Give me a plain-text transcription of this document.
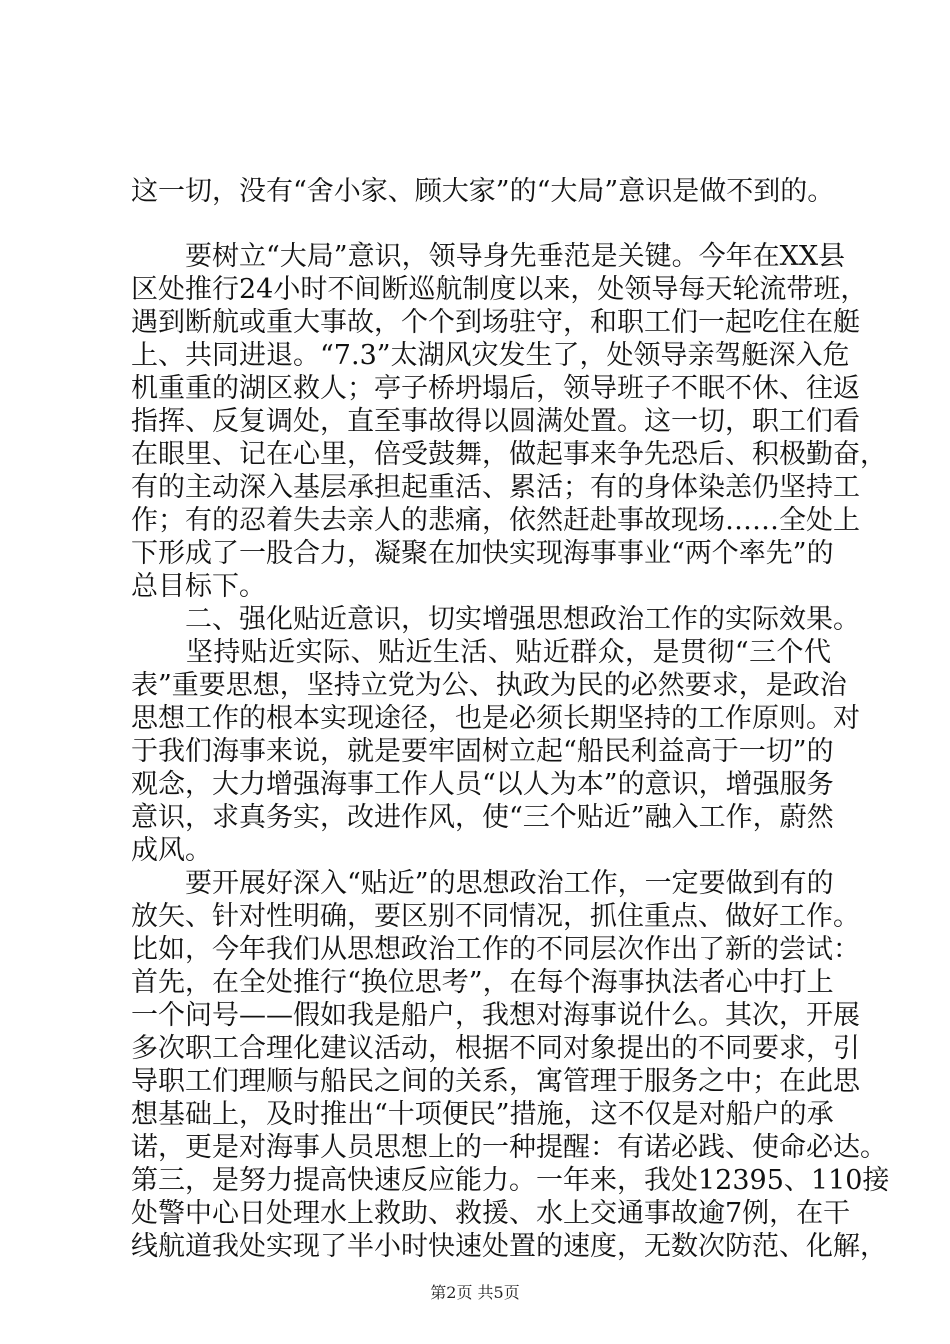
这一切，没有“舍小家、顾大家”的“大局”意识是做不到的。
　　要树立“大局”意识，领导身先垂范是关键。今年在XX县
区处推行24小时不间断巡航制度以来，处领导每天轮流带班，
遇到断航或重大事故，个个到场驻守，和职工们一起吃住在艇
上、共同进退。“7.3”太湖风灾发生了，处领导亲驾艇深入危
机重重的湖区救人；亭子桥坍塌后，领导班子不眠不休、往返
指挥、反复调处，直至事故得以圆满处置。这一切，职工们看
在眼里、记在心里，倍受鼓舞，做起事来争先恐后、积极勤奋，
有的主动深入基层承担起重活、累活；有的身体染恙仍坚持工
作；有的忍着失去亲人的悲痛，依然赶赴事故现场……全处上
下形成了一股合力，凝聚在加快实现海事事业“两个率先”的
总目标下。
　　二、强化贴近意识，切实增强思想政治工作的实际效果。
　　坚持贴近实际、贴近生活、贴近群众，是贯彻“三个代
表”重要思想，坚持立党为公、执政为民的必然要求，是政治
思想工作的根本实现途径，也是必须长期坚持的工作原则。对
于我们海事来说，就是要牢固树立起“船民利益高于一切”的
观念，大力增强海事工作人员“以人为本”的意识，增强服务
意识，求真务实，改进作风，使“三个贴近”融入工作，蔚然
成风。
　　要开展好深入“贴近”的思想政治工作，一定要做到有的
放矢、针对性明确，要区别不同情况，抓住重点、做好工作。
比如，今年我们从思想政治工作的不同层次作出了新的尝试：
首先，在全处推行“换位思考”，在每个海事执法者心中打上
一个问号——假如我是船户，我想对海事说什么。其次，开展
多次职工合理化建议活动，根据不同对象提出的不同要求，引
导职工们理顺与船民之间的关系，寓管理于服务之中；在此思
想基础上，及时推出“十项便民”措施，这不仅是对船户的承
诺，更是对海事人员思想上的一种提醒：有诺必践、使命必达。
第三，是努力提高快速反应能力。一年来，我处12395、110接
处警中心日处理水上救助、救援、水上交通事故逾7例，在干
线航道我处实现了半小时快速处置的速度，无数次防范、化解，
第2页 共5页
